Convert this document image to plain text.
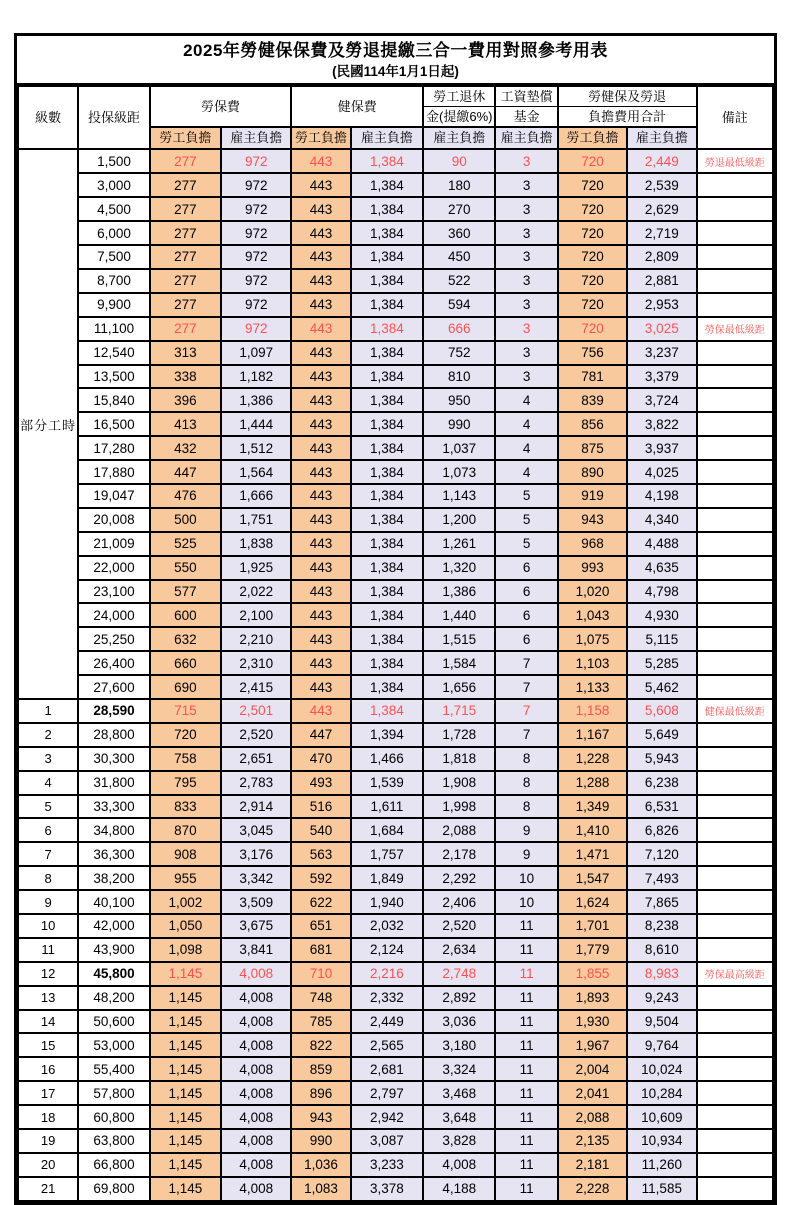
2025年勞健保保費及勞退提繳三合一費用對照參考用表
(民國114年1月1日起)
級數	投保級距	勞保費		健保費		勞工退休	工資墊償	勞健保及勞退		備註
						金(提繳6%)	基金	負擔費用合計		
		勞工負擔	雇主負擔	勞工負擔	雇主負擔	雇主負擔	雇主負擔	勞工負擔	雇主負擔	
部分工時	1,500	277	972	443	1,384	90	3	720	2,449	勞退最低級距
	3,000	277	972	443	1,384	180	3	720	2,539	
	4,500	277	972	443	1,384	270	3	720	2,629	
	6,000	277	972	443	1,384	360	3	720	2,719	
	7,500	277	972	443	1,384	450	3	720	2,809	
	8,700	277	972	443	1,384	522	3	720	2,881	
	9,900	277	972	443	1,384	594	3	720	2,953	
	11,100	277	972	443	1,384	666	3	720	3,025	勞保最低級距
	12,540	313	1,097	443	1,384	752	3	756	3,237	
	13,500	338	1,182	443	1,384	810	3	781	3,379	
	15,840	396	1,386	443	1,384	950	4	839	3,724	
	16,500	413	1,444	443	1,384	990	4	856	3,822	
	17,280	432	1,512	443	1,384	1,037	4	875	3,937	
	17,880	447	1,564	443	1,384	1,073	4	890	4,025	
	19,047	476	1,666	443	1,384	1,143	5	919	4,198	
	20,008	500	1,751	443	1,384	1,200	5	943	4,340	
	21,009	525	1,838	443	1,384	1,261	5	968	4,488	
	22,000	550	1,925	443	1,384	1,320	6	993	4,635	
	23,100	577	2,022	443	1,384	1,386	6	1,020	4,798	
	24,000	600	2,100	443	1,384	1,440	6	1,043	4,930	
	25,250	632	2,210	443	1,384	1,515	6	1,075	5,115	
	26,400	660	2,310	443	1,384	1,584	7	1,103	5,285	
	27,600	690	2,415	443	1,384	1,656	7	1,133	5,462	
1	28,590	715	2,501	443	1,384	1,715	7	1,158	5,608	健保最低級距
2	28,800	720	2,520	447	1,394	1,728	7	1,167	5,649	
3	30,300	758	2,651	470	1,466	1,818	8	1,228	5,943	
4	31,800	795	2,783	493	1,539	1,908	8	1,288	6,238	
5	33,300	833	2,914	516	1,611	1,998	8	1,349	6,531	
6	34,800	870	3,045	540	1,684	2,088	9	1,410	6,826	
7	36,300	908	3,176	563	1,757	2,178	9	1,471	7,120	
8	38,200	955	3,342	592	1,849	2,292	10	1,547	7,493	
9	40,100	1,002	3,509	622	1,940	2,406	10	1,624	7,865	
10	42,000	1,050	3,675	651	2,032	2,520	11	1,701	8,238	
11	43,900	1,098	3,841	681	2,124	2,634	11	1,779	8,610	
12	45,800	1,145	4,008	710	2,216	2,748	11	1,855	8,983	勞保最高級距
13	48,200	1,145	4,008	748	2,332	2,892	11	1,893	9,243	
14	50,600	1,145	4,008	785	2,449	3,036	11	1,930	9,504	
15	53,000	1,145	4,008	822	2,565	3,180	11	1,967	9,764	
16	55,400	1,145	4,008	859	2,681	3,324	11	2,004	10,024	
17	57,800	1,145	4,008	896	2,797	3,468	11	2,041	10,284	
18	60,800	1,145	4,008	943	2,942	3,648	11	2,088	10,609	
19	63,800	1,145	4,008	990	3,087	3,828	11	2,135	10,934	
20	66,800	1,145	4,008	1,036	3,233	4,008	11	2,181	11,260	
21	69,800	1,145	4,008	1,083	3,378	4,188	11	2,228	11,585	
